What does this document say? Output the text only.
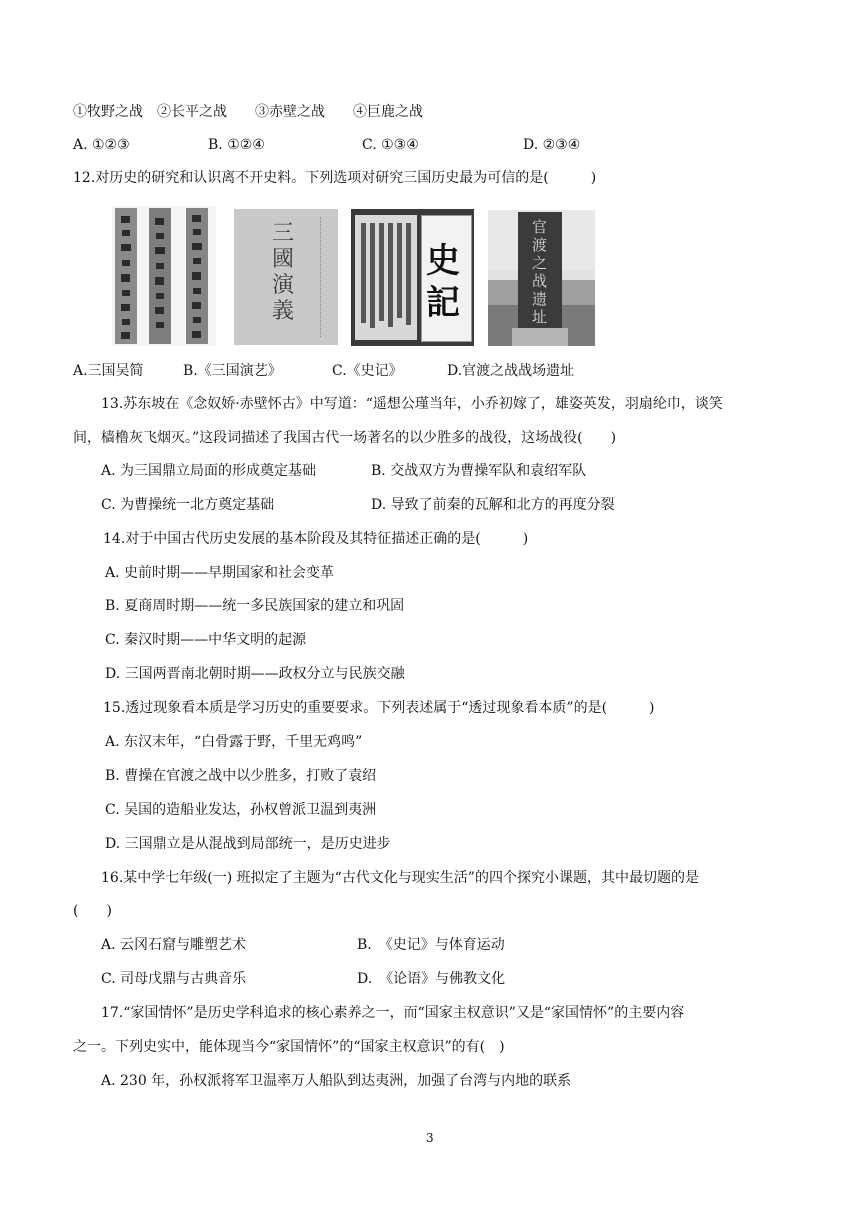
①牧野之战　②长平之战　　③赤壁之战　　④巨鹿之战
A. ①②③	B. ①②④	C. ①③④	D. ②③④
12.对历史的研究和认识离不开史料。下列选项对研究三国历史最为可信的是(　　　)
三國演義
史
記
官渡之战遗址
A.三国吴简	B.《三国演艺》	C.《史记》	D.官渡之战战场遗址
13.苏东坡在《念奴娇·赤壁怀古》中写道：“遥想公瑾当年，小乔初嫁了，雄姿英发，羽扇纶巾，谈笑
间，樯橹灰飞烟灭。”这段词描述了我国古代一场著名的以少胜多的战役，这场战役(　　)
A. 为三国鼎立局面的形成奠定基础	B. 交战双方为曹操军队和袁绍军队
C. 为曹操统一北方奠定基础	D. 导致了前秦的瓦解和北方的再度分裂
14.对于中国古代历史发展的基本阶段及其特征描述正确的是(　　　)
A. 史前时期——早期国家和社会变革
B. 夏商周时期——统一多民族国家的建立和巩固
C. 秦汉时期——中华文明的起源
D. 三国两晋南北朝时期——政权分立与民族交融
15.透过现象看本质是学习历史的重要要求。下列表述属于“透过现象看本质”的是(　　　)
A. 东汉末年，“白骨露于野，千里无鸡鸣”
B. 曹操在官渡之战中以少胜多，打败了袁绍
C. 吴国的造船业发达，孙权曾派卫温到夷洲
D. 三国鼎立是从混战到局部统一，是历史进步
16.某中学七年级(一) 班拟定了主题为“古代文化与现实生活”的四个探究小课题，其中最切题的是
(　　)
A. 云冈石窟与雕塑艺术	B.　《史记》与体育运动
C. 司母戊鼎与古典音乐	D.　《论语》与佛教文化
17.“家国情怀”是历史学科追求的核心素养之一，而“国家主权意识”又是“家国情怀”的主要内容
之一。下列史实中，能体现当今“家国情怀”的“国家主权意识”的有(　)
A. 230 年，孙权派将军卫温率万人船队到达夷洲，加强了台湾与内地的联系
3
